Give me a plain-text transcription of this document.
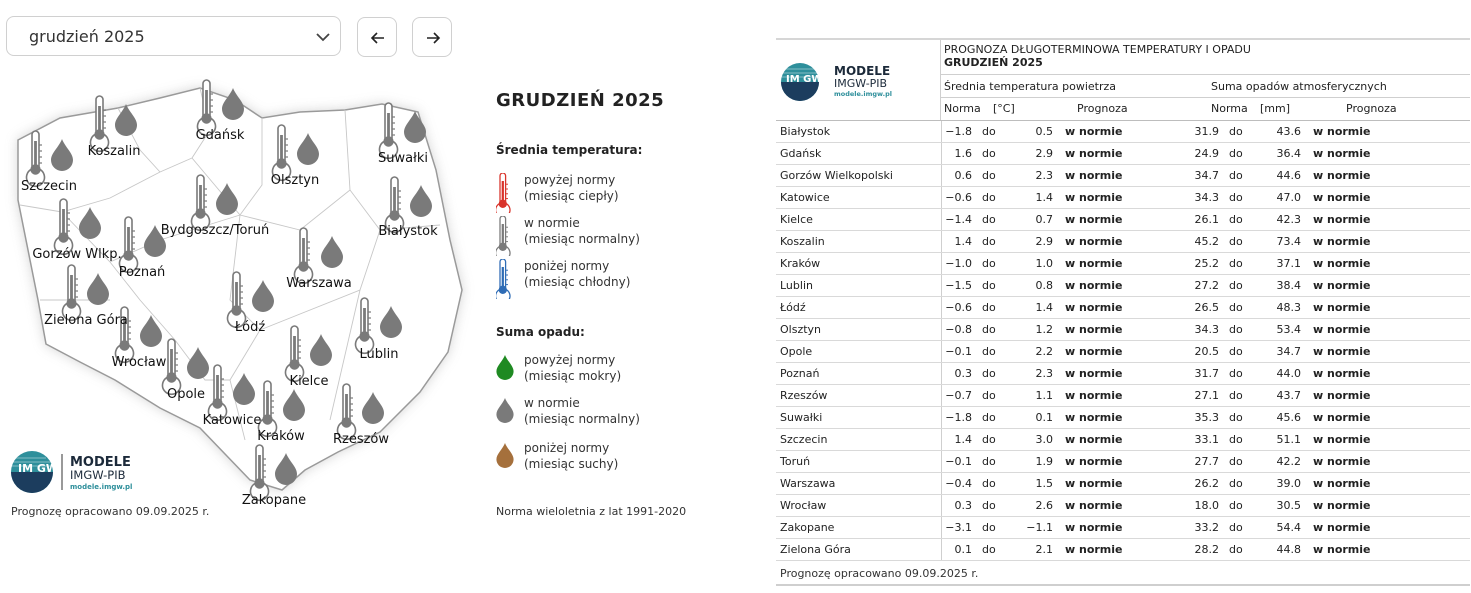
grudzień 2025
Koszalin
Gdańsk
Suwałki
Szczecin	Olsztyn
Bydgoszcz/Toruń	Białystok
Gorzów Wlkp.
Poznań
Warszawa
Zielona Góra	Łódź
Lublin
Wrocław
Opole
Kielce
Katowice
Kraków Rzeszów
Zakopane
IM GW MODELE
IMGW-PIB
modele.imgw.pl
Prognozę opracowano 09.09.2025 r.
GRUDZIEŃ 2025
Średnia temperatura:
powyżej normy
(miesiąc ciepły)
w normie
(miesiąc normalny)
poniżej normy
(miesiąc chłodny)
Suma opadu:
powyżej normy
(miesiąc mokry)
w normie
(miesiąc normalny)
poniżej normy
(miesiąc suchy)
Norma wieloletnia z lat 1991-2020
IM GW
MODELE
IMGW-PIB
modele.imgw.pl
PROGNOZA DŁUGOTERMINOWA TEMPERATURY I OPADU
GRUDZIEŃ 2025
Średnia temperatura powietrza	Suma opadów atmosferycznych
Norma [°C]	Prognoza	Norma [mm]	Prognoza
Białystok	−1.8	do	0.5	w normie	31.9	do	43.6	w normie
Gdańsk	1.6	do	2.9	w normie	24.9	do	36.4	w normie
Gorzów Wielkopolski	0.6	do	2.3	w normie	34.7	do	44.6	w normie
Katowice	−0.6	do	1.4	w normie	34.3	do	47.0	w normie
Kielce	−1.4	do	0.7	w normie	26.1	do	42.3	w normie
Koszalin	1.4	do	2.9	w normie	45.2	do	73.4	w normie
Kraków	−1.0	do	1.0	w normie	25.2	do	37.1	w normie
Lublin	−1.5	do	0.8	w normie	27.2	do	38.4	w normie
Łódź	−0.6	do	1.4	w normie	26.5	do	48.3	w normie
Olsztyn	−0.8	do	1.2	w normie	34.3	do	53.4	w normie
Opole	−0.1	do	2.2	w normie	20.5	do	34.7	w normie
Poznań	0.3	do	2.3	w normie	31.7	do	44.0	w normie
Rzeszów	−0.7	do	1.1	w normie	27.1	do	43.7	w normie
Suwałki	−1.8	do	0.1	w normie	35.3	do	45.6	w normie
Szczecin	1.4	do	3.0	w normie	33.1	do	51.1	w normie
Toruń	−0.1	do	1.9	w normie	27.7	do	42.2	w normie
Warszawa	−0.4	do	1.5	w normie	26.2	do	39.0	w normie
Wrocław	0.3	do	2.6	w normie	18.0	do	30.5	w normie
Zakopane	−3.1	do	−1.1	w normie	33.2	do	54.4	w normie
Zielona Góra	0.1	do	2.1	w normie	28.2	do	44.8	w normie
Prognozę opracowano 09.09.2025 r.
